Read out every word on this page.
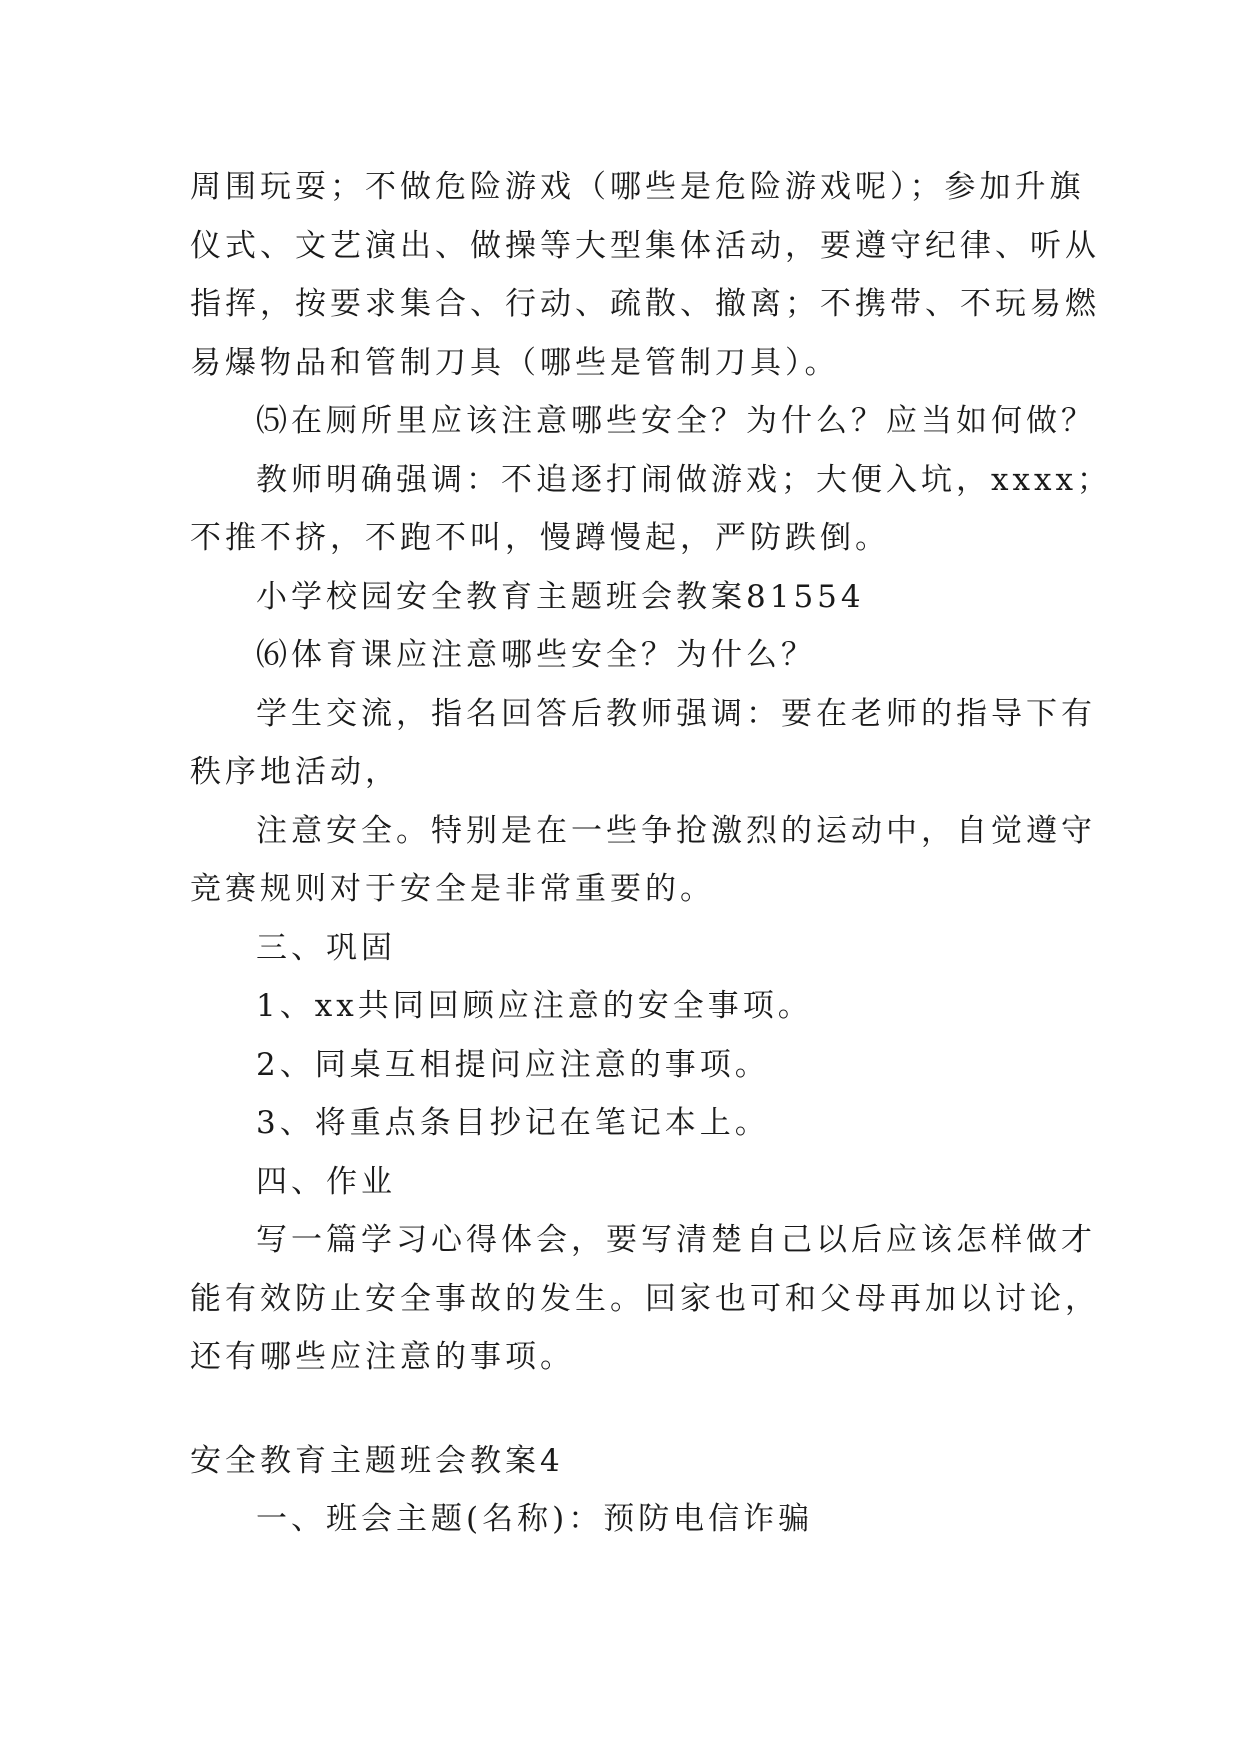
周围玩耍；不做危险游戏（哪些是危险游戏呢）；参加升旗
仪式、文艺演出、做操等大型集体活动，要遵守纪律、听从
指挥，按要求集合、行动、疏散、撤离；不携带、不玩易燃
易爆物品和管制刀具（哪些是管制刀具）。
⑸在厕所里应该注意哪些安全？为什么？应当如何做？
教师明确强调：不追逐打闹做游戏；大便入坑，xxxx；
不推不挤，不跑不叫，慢蹲慢起，严防跌倒。
小学校园安全教育主题班会教案81554
⑹体育课应注意哪些安全？为什么？
学生交流，指名回答后教师强调：要在老师的指导下有
秩序地活动，
注意安全。特别是在一些争抢激烈的运动中，自觉遵守
竞赛规则对于安全是非常重要的。
三、巩固
1、xx共同回顾应注意的安全事项。
2、同桌互相提问应注意的事项。
3、将重点条目抄记在笔记本上。
四、作业
写一篇学习心得体会，要写清楚自己以后应该怎样做才
能有效防止安全事故的发生。回家也可和父母再加以讨论，
还有哪些应注意的事项。
安全教育主题班会教案4
一、班会主题(名称)：预防电信诈骗
